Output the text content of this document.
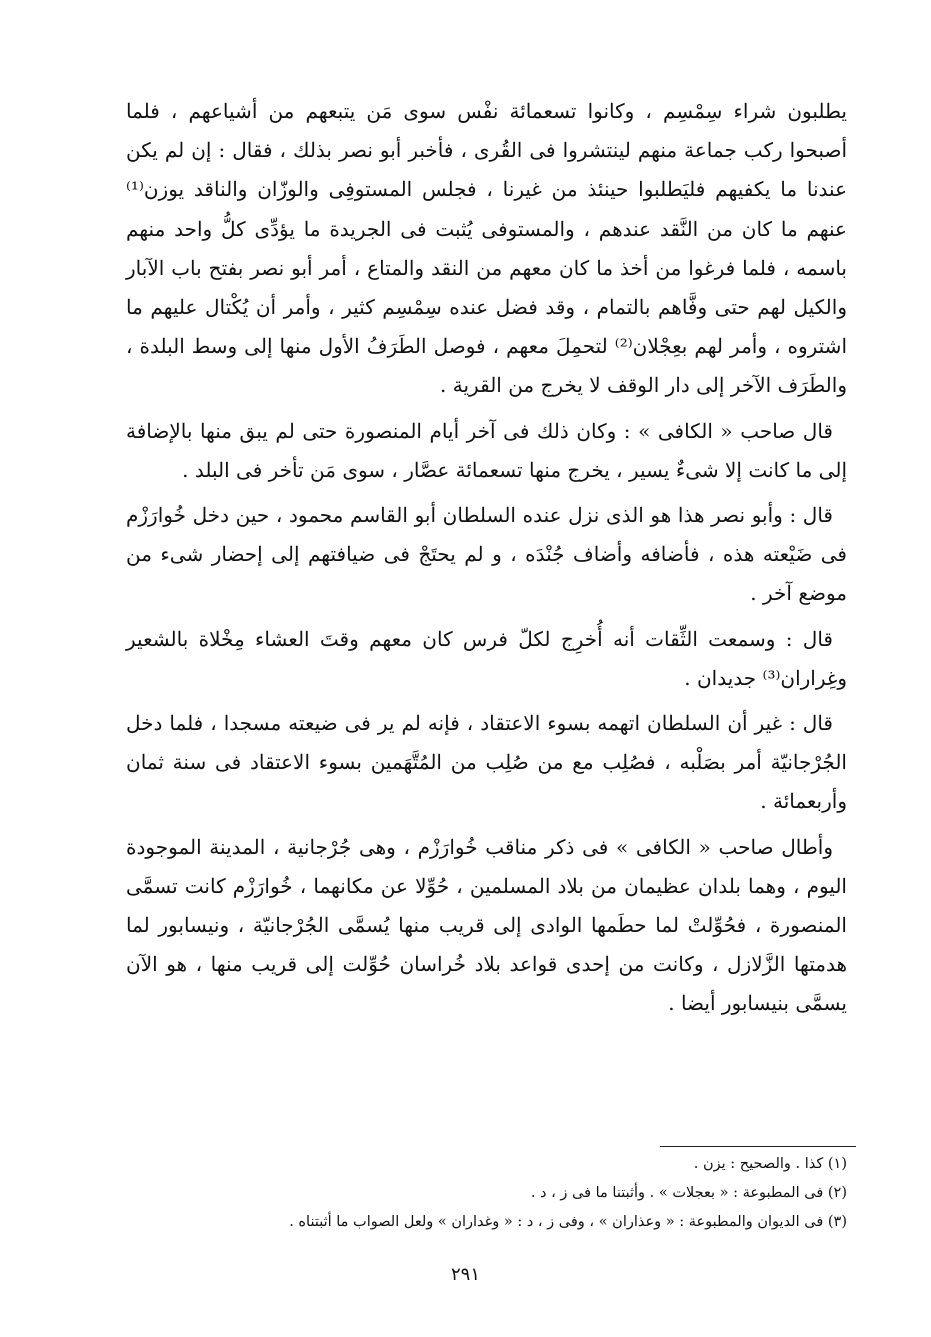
يطلبون شراء سِمْسِم ، وكانوا تسعمائة نفْس سوى مَن يتبعهم من أشياعهم ، فلما أصبحوا ركب جماعة منهم لينتشروا فى القُرى ، فأخبر أبو نصر بذلك ، فقال : إن لم يكن عندنا ما يكفيهم فليَطلبوا حينئذ من غيرنا ، فجلس المستوفِى والوزّان والناقد يوزن⁽¹⁾ عنهم ما كان من النَّقد عندهم ، والمستوفى يُثبت فى الجريدة ما يؤدِّى كلُّ واحد منهم باسمه ، فلما فرغوا من أخذ ما كان معهم من النقد والمتاع ، أمر أبو نصر بفتح باب الآبار والكيل لهم حتى وفَّاهم بالتمام ، وقد فضل عنده سِمْسِم كثير ، وأمر أن يُكْتال عليهم ما اشتروه ، وأمر لهم بعِجْلان⁽²⁾ لتحمِلَ معهم ، فوصل الطَرَفُ الأول منها إلى وسط البلدة ، والطَرَف الآخر إلى دار الوقف لا يخرج من القرية .

قال صاحب « الكافى » : وكان ذلك فى آخر أيام المنصورة حتى لم يبق منها بالإضافة إلى ما كانت إلا شىءٌ يسير ، يخرج منها تسعمائة عصَّار ، سوى مَن تأخر فى البلد .

قال : وأبو نصر هذا هو الذى نزل عنده السلطان أبو القاسم محمود ، حين دخل خُوارَزْم فى ضَيْعته هذه ، فأضافه وأضاف جُنْدَه ، و لم يحتَجْ فى ضيافتهم إلى إحضار شىء من موضع آخر .

قال : وسمعت الثِّقات أنه أُخرِج لكلّ فرس كان معهم وقتَ العشاء مِخْلاة بالشعير وغِراران⁽³⁾ جديدان .

قال : غير أن السلطان اتهمه بسوء الاعتقاد ، فإنه لم ير فى ضيعته مسجدا ، فلما دخل الجُرْجانيّة أمر بصَلْبه ، فصُلِب مع من صُلِب من المُتَّهَمين بسوء الاعتقاد فى سنة ثمان وأربعمائة .

وأطال صاحب « الكافى » فى ذكر مناقب خُوارَزْم ، وهى جُرْجانية ، المدينة الموجودة اليوم ، وهما بلدان عظيمان من بلاد المسلمين ، حُوِّلا عن مكانهما ، خُوارَزْم كانت تسمَّى المنصورة ، فحُوِّلتْ لما حطَمها الوادى إلى قريب منها يُسمَّى الجُرْجانيّة ، ونيسابور لما هدمتها الزَّلازل ، وكانت من إحدى قواعد بلاد خُراسان حُوِّلت إلى قريب منها ، هو الآن يسمَّى بنيسابور أيضا .

(١) كذا . والصحيح : يزن .

(٢) فى المطبوعة : « بعجلات » . وأثبتنا ما فى ز ، د .

(٣) فى الديوان والمطبوعة : « وعذاران » ، وفى ز ، د : « وغداران » ولعل الصواب ما أثبتناه .

٢٩١
